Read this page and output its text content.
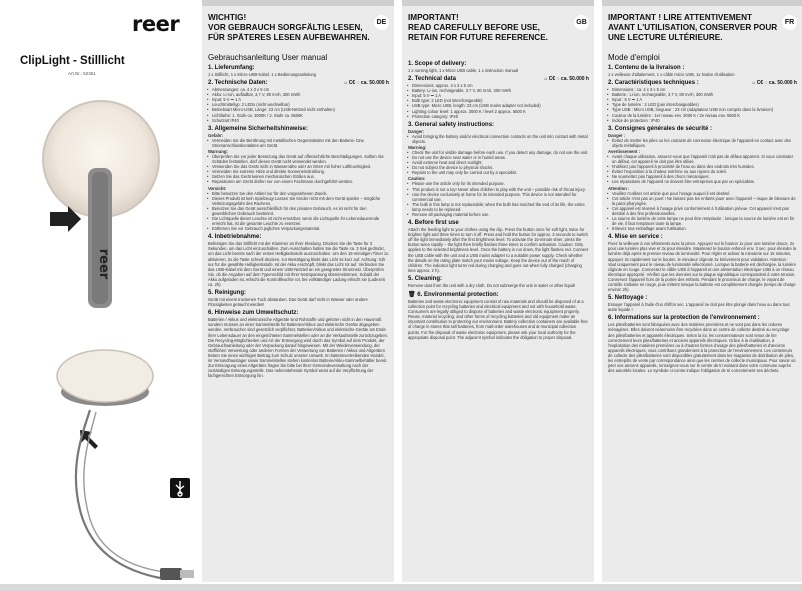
reer
ClipLight - Stilllicht
Art.Nr.: 52361
reer
DE
WICHTIG!
VOR GEBRAUCH SORGFÄLTIG LESEN,
FÜR SPÄTERES LESEN AUFBEWAHREN.
Gebrauchsanleitung User manual
1. Lieferumfang:

1 x Stilllicht, 1 x Micro-USB-Kabel, 1 x Bedienungsanleitung

2. Technische Daten:	⌂ C€ ◌ ca. 50.000 h
• Abmessungen: ca. 4 x 3 x 5 cm
• Akku: Li-Ion, aufladbar, 3,7 V, 80 mAh, 300 mWh
• Input: 5 V ⎓ 1 A
• Leuchtmitteltyp: 2 LEDs (nicht wechselbar)
• Betriebsart Micro-USB, Länge: 23 cm (USB-Netzteil nicht enthalten)
• Lichtfarbe: 1. Stufe ca. 3000K / 2. Stufe ca. 5500K
• Schutzart IP40
3. Allgemeine Sicherheitshinweise:
Gefahr:
• Vermeiden Sie die Berührung mit metallischen Gegenständen mit den Batterie- bzw. Stromanschlusskontakten am Gerät.
Warnung:
• Überprüfen Sie vor jeder Benutzung das Gerät auf offensichtliche Beschädigungen. Sollten Sie Schäden feststellen, darf dieses Gerät nicht verwendet werden.
• Verwenden Sie das Gerät nicht in Wassernähe oder an Orten mit hoher Luftfeuchtigkeit.
• Vermeiden Sie extreme Hitze und direkte Sonneneinstrahlung.
• Setzen Sie das Gerät keinen mechanischen Stößen aus.
• Reparaturen am Gerät dürfen nur von einem Fachmann durchgeführt werden.
Vorsicht:
• Bitte benutzen Sie den Artikel nur für den vorgesehenen Zweck.
• Dieses Produkt ist kein Spielzeug! Lassen Sie Kinder nicht mit dem Gerät spielen – mögliche Verletzungsgefahr des Rachens.
• Benutzen Sie das Gerät ausschließlich für den privaten Gebrauch, es ist nicht für den gewerblichen Gebrauch bestimmt.
• Die Lichtquelle dieser Leuchte ist nicht ersetzbar; wenn die Lichtquelle ihr Lebensdauerende erreicht hat, ist die gesamte Leuchte zu ersetzen.
• Entfernen Sie vor Gebrauch jegliches Verpackungsmaterial.
4. Inbetriebnahme:

Befestigen Sie das Stilllicht mit der Klammer an Ihrer Kleidung. Drücken Sie die Taste für 3 Sekunden, um das Licht einzuschalten. Zum Ausschalten halten Sie die Taste ca. 3 Sek gedrückt, um das Licht bereits nach der ersten Helligkeitsstufe auszuschalten. Um den 15-minütigen Timer zu aktivieren, 2x die Taste schnell drücken, zur Bestätigung blinkt das Licht 3x kurz auf. Achtung: Gilt nur für die gewählte Helligkeitsstufe. Ist der Akku erschöpft, blinkt das Licht rot auf. Verbinden Sie das USB-Kabel mit dem Gerät und einem USB-Netzteil an ein geeignetes Stromnetz. Überprüfen Sie, ob die Angaben auf dem Typenschild mit Ihrer Netzspannung übereinstimmen. Sobald der Akku aufgeladen ist, erlischt die Kontrollleuchte rot, bei vollständiger Ladung erlischt sie (Ladezeit ca. 2h).

5. Reinigung:

Gerät mit einem trockenen Tuch abstauben. Das Gerät darf nicht in Wasser oder andere Flüssigkeiten getaucht werden!

6. Hinweise zum Umweltschutz:

Batterien / Akkus und elektronische Altgeräte sind Rohstoffe und gehören nicht in den Hausmüll, sondern müssen an einer Sammelstelle für Batterien/Akkus und elektrische Geräte abgegeben werden. Verbraucher sind gesetzlich verpflichtet, Batterien/Akkus und elektrische Geräte am Ende ihrer Lebensdauer an den eingerichteten Sammelstellen oder an die Verkaufsstelle zurückzugeben. Die Recycling-Möglichkeiten und Art der Entsorgung wird durch das Symbol auf dem Produkt, der Gebrauchsanleitung oder der Verpackung darauf hingewiesen. Mit der Wiederverwendung, der stofflichen Verwertung oder anderen Formen der Verwertung von Batterien / Akkus und Altgeräten leisten Sie einen wichtigen Beitrag zum Schutz unserer Umwelt. Im batterievertreibenden Handel, im Versandhaustager sowie Sammelstellen stehen kostenlos Batterie/Akku-Sammelbehälter bereit. Zur Entsorgung eines Altgerätes fragen Sie bitte bei Ihrer Gemeindeverwaltung nach der zuständigen Entsorgungsstelle. Das nebenstehende Symbol weist auf die Verpflichtung der fachgerechten Entsorgung hin.

GB
IMPORTANT!
READ CAREFULLY BEFORE USE,
RETAIN FOR FUTURE REFERENCE.
1. Scope of delivery:

1 x nursing light, 1 x Micro USB cable, 1 x instruction manual

2. Technical data	⌂ C€ ◌ ca. 50.000 h
• Dimensions: approx. 4 x 3 x 5 cm
• Battery: Li-ion, rechargeable, 3.7 V, 80 mAh, 300 mWh
• Input: 5 V ⎓ 1 A
• Bulb type: 2 LED (not interchangeable)
• USB type: Micro USB, length: 23 cm (USB mains adapter not included)
• Lighting colour level: 1 approx. 3000 K / level 2 approx. 5500 K
• Protection category: IP40
3. General safety instructions:
Danger:
• Avoid bringing the battery and/or electrical connection contacts on the unit into contact with metal objects.
Warning:
• Check the unit for visible damage before each use. If you detect any damage, do not use the unit.
• Do not use the device near water or in humid areas.
• Avoid extreme heat and direct sunlight.
• Do not subject the device to physical shocks.
• Repairs to the unit may only be carried out by a specialist.
Caution:
• Please use the article only for its intended purpose.
• This product is not a toy! Never allow children to play with the unit – possible risk of throat injury.
• Use the device exclusively at home for its intended purpose. This device is not intended for commercial use.
• The bulb in this lamp is not replaceable; when the bulb has reached the end of its life, the entire lamp needs to be replaced.
• Remove all packaging material before use.
4. Before first use

Attach the feeding light to your clothes using the clip. Press the button once for soft light, twice for brighter light and three times to turn it off. Press and hold the button for approx. 3 seconds to switch off the light immediately after the first brightness level. To activate the 15-minute timer, press the button twice rapidly – the light then briefly flashes three times to confirm activation. Caution: Only applies to the selected brightness level. Once the battery is run down, the light flashes red. Connect the USB cable with the unit and a USB mains adapter to a suitable power supply. Check whether the details on the rating plate match your mains voltage. Keep the device out of the reach of children. The indicator light turns red during charging and goes out when fully charged (charging time approx. 2 h).

5. Cleaning:

Remove dust from the unit with a dry cloth. Do not submerge the unit in water or other liquid!

🗑 6. Environmental protection:

Batteries and waste electronic equipment consist of raw materials and should be disposed of at a collection point for recycling batteries and electrical equipment and not with household waste. Consumers are legally obliged to dispose of batteries and waste electronic equipment properly. Reuse, material recycling, and other forms of recycling batteries and old equipment make an important contribution to protecting our environment. Battery collection containers are available free of charge in stores that sell batteries, from mail-order warehouses and at municipal collection points. For the disposal of waste electronic equipment, please ask your local authority for the appropriate disposal point. The adjacent symbol indicates the obligation to proper disposal.

FR
IMPORTANT ! LIRE ATTENTIVEMENT
AVANT L'UTILISATION, CONSERVER POUR
UNE LECTURE ULTÉRIEURE.
Mode d'emploi
1. Contenu de la livraison :

1 x veilleuse d'allaitement, 1 x câble micro USB, 1x Notice d'utilisation

2. Caractéristiques techniques :	⌂ C€ ◌ ca. 50.000 h
• Dimensions : ca. 4 x 3 x 5 cm
• Batterie : Li-ion, rechargeable, 3,7 V, 80 mAh, 300 mWh
• Input : 5 V ⎓ 1 A
• Type de lumière : 2 LED (pas interchangeables)
• Type USB : Micro USB, longueur : 23 cm (adaptateur USB non compris dans la livraison)
• Couleur de la lumière : 1er niveau env. 3000 K / 2e niveau env. 5500 K
• Indice de protection : IP40
3. Consignes générales de sécurité :
Danger :
• Évitez de mettre les piles ou les contacts de connexion électrique de l'appareil en contact avec des objets métalliques.
Avertissement :
• Avant chaque utilisation, assurez-vous que l'appareil n'ait pas de défaut apparent. Si vous constatez un défaut, cet appareil ne doit pas être utilisé.
• N'utilisez pas l'appareil à proximité de l'eau ou dans des endroits très humides.
• Évitez l'exposition à la chaleur extrême ou aux rayons du soleil.
• Ne soumettez pas l'appareil à des chocs mécaniques.
• Les réparations de l'appareil ne doivent être entreprises que par un spécialiste.
Attention :
• Veuillez n'utiliser cet article que pour l'usage auquel il est destiné.
• Cet article n'est pas un jouet ! Ne laissez pas les enfants jouer avec l'appareil – risque de blessure de la paroi pharyngée.
• Cet appareil est réservé à l'usage privé conformément à l'utilisation prévue. Cet appareil n'est pas destiné à des fins professionnelles.
• La source de lumière de cette lampe ne peut être remplacée ; lorsque la source de lumière est en fin de vie, il faut remplacer toute la lampe.
• Enlevez tout emballage avant l'utilisation.
4. Mise en service :

Fixez la veilleuse à vos vêtements avec la pince. Appuyez sur le bouton 1x pour une lumière douce, 2x pour une lumière plus vive et 3x pour éteindre. Maintenez le bouton enfoncé env. 3 sec. pour éteindre la lumière déjà après le premier niveau de luminosité. Pour régler et activer la minuterie sur 15 minutes, appuyez 2x rapidement sur le bouton, le minuteur clignote 3x brièvement pour validation. Attention : Vaut uniquement pour le niveau de luminosité sélectionné. Lorsque la batterie est déchargée, la lumière clignote en rouge. Connectez le câble USB à l'appareil et une alimentation électrique USB à un réseau électrique approprié. Vérifiez que les données sur la plaque signalétique correspondent à votre tension. Conservez l'appareil hors de la portée des enfants. Pendant le processus de charge, le voyant de contrôle s'allume en rouge, puis s'éteint lorsque la batterie est complètement chargée (temps de charge environ 2h).

5. Nettoyage :

Essuyer l'appareil à l'aide d'un chiffon sec. L'appareil ne doit pas être plongé dans l'eau ou dans tout autre liquide !

6. Informations sur la protection de l'environnement :

Les piles/batteries sont fabriquées avec des matières premières et ne vont pas dans les ordures ménagères. Elles doivent néanmoins être recyclées dans un centre de collecte destiné au recyclage des piles/batteries et appareils électriques. Selon la loi, les consommateurs sont tenus de lire correctement leurs piles/batteries et anciens appareils électriques. Grâce à la réutilisation, à l'exploitation des matières premières ou à d'autres formes d'usage des piles/batteries et d'anciens appareils électriques, vous contribuez grandement à la protection de l'environnement. Les conteneurs de collecte des piles/batteries sont disponibles gratuitement dans les magasins de distribution de piles, les entrepôts de vente par correspondance ainsi que les centres de collecte municipaux. Pour savoir où jeter vos anciens appareils, renseignez-vous sur le centre de tri existant dans votre commune auprès des autorités locales. Le symbole ci-contre indique l'obligation de tri correctement ses déchets.
